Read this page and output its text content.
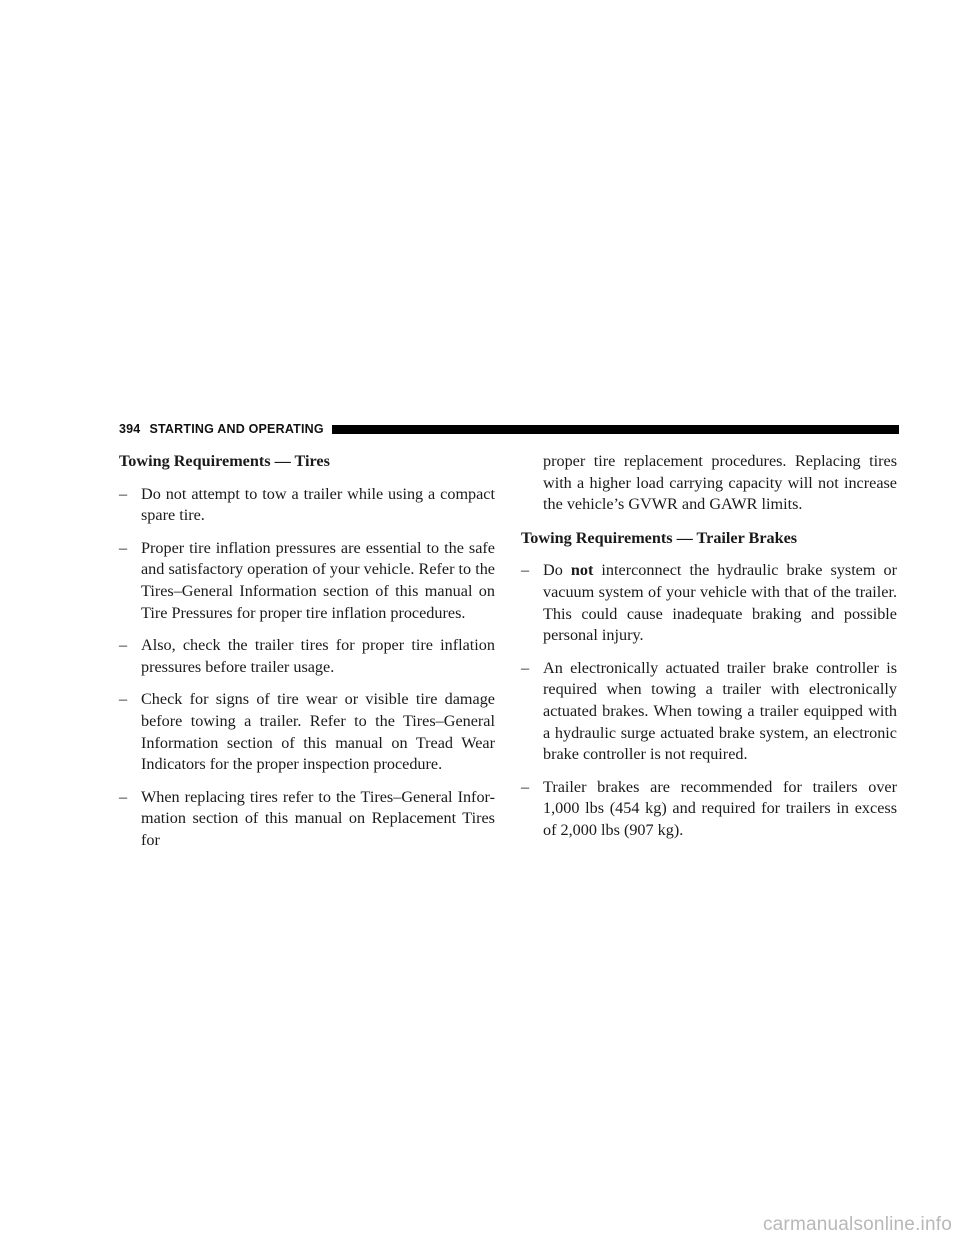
394 STARTING AND OPERATING
Towing Requirements — Tires
– Do not attempt to tow a trailer while using a compact spare tire.
– Proper tire inflation pressures are essential to the safe and satisfactory operation of your vehicle. Refer to the Tires–General Information section of this manual on Tire Pressures for proper tire inflation procedures.
– Also, check the trailer tires for proper tire inflation pressures before trailer usage.
– Check for signs of tire wear or visible tire damage before towing a trailer. Refer to the Tires–General Information section of this manual on Tread Wear Indicators for the proper inspection procedure.
– When replacing tires refer to the Tires–General Infor- mation section of this manual on Replacement Tires for

proper tire replacement procedures. Replacing tires with a higher load carrying capacity will not increase the vehicle’s GVWR and GAWR limits.

Towing Requirements — Trailer Brakes
– Do not interconnect the hydraulic brake system or vacuum system of your vehicle with that of the trailer. This could cause inadequate braking and possible personal injury.
– An electronically actuated trailer brake controller is required when towing a trailer with electronically actuated brakes. When towing a trailer equipped with a hydraulic surge actuated brake system, an electronic brake controller is not required.
– Trailer brakes are recommended for trailers over 1,000 lbs (454 kg) and required for trailers in excess of 2,000 lbs (907 kg).
carmanualsonline.info
